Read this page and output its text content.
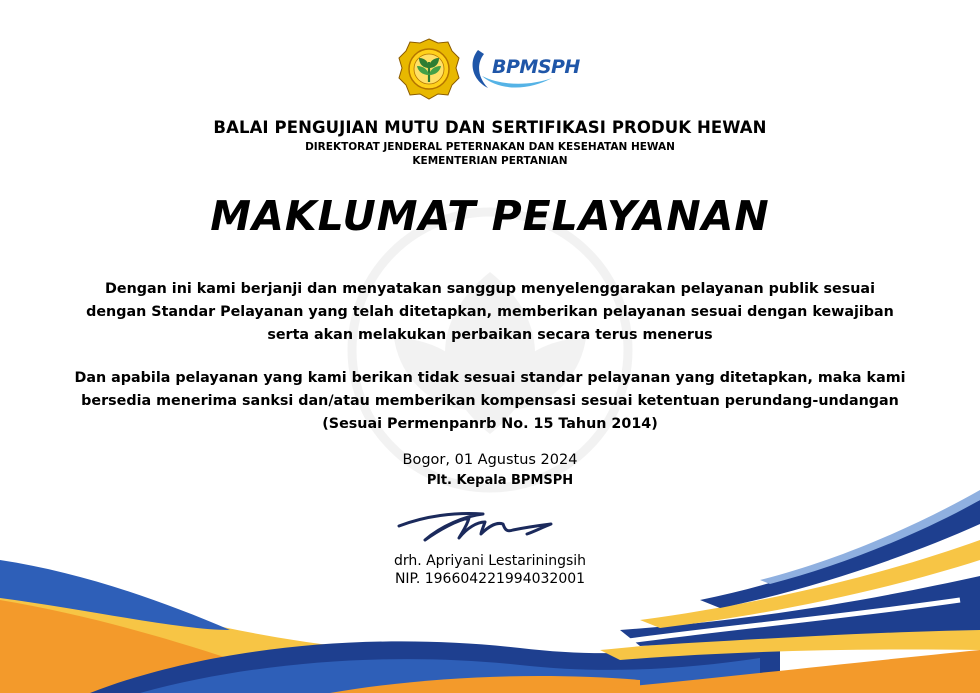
BPMSPH
BALAI PENGUJIAN MUTU DAN SERTIFIKASI PRODUK HEWAN
DIREKTORAT JENDERAL PETERNAKAN DAN KESEHATAN HEWAN
KEMENTERIAN PERTANIAN
MAKLUMAT PELAYANAN
Dengan ini kami berjanji dan menyatakan sanggup menyelenggarakan pelayanan publik sesuai
dengan Standar Pelayanan yang telah ditetapkan, memberikan pelayanan sesuai dengan kewajiban
serta akan melakukan perbaikan secara terus menerus
Dan apabila pelayanan yang kami berikan tidak sesuai standar pelayanan yang ditetapkan, maka kami
bersedia menerima sanksi dan/atau memberikan kompensasi sesuai ketentuan perundang-undangan
(Sesuai Permenpanrb No. 15 Tahun 2014)
Bogor, 01 Agustus 2024
Plt. Kepala BPMSPH
drh. Apriyani Lestariningsih
NIP. 196604221994032001
